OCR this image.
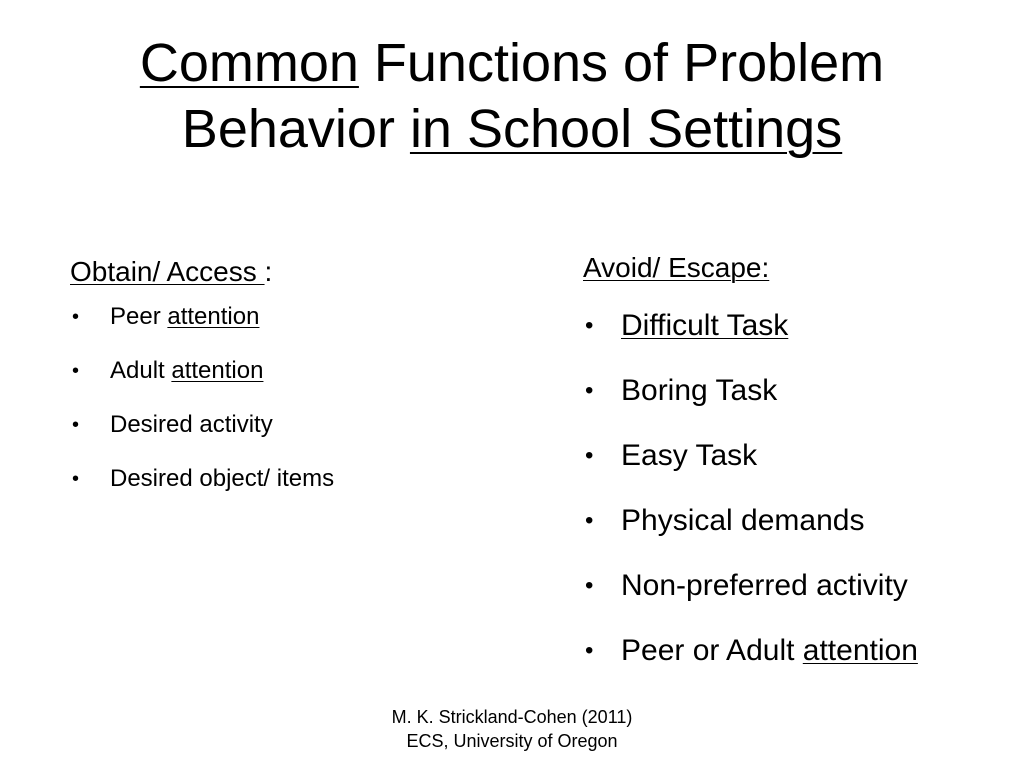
Common Functions of Problem
Behavior in School Settings
Obtain/ Access :
• Peer attention
• Adult attention
• Desired activity
• Desired object/ items
Avoid/ Escape:
• Difficult Task
• Boring Task
• Easy Task
• Physical demands
• Non-preferred activity
• Peer or Adult attention
M. K. Strickland-Cohen (2011)
ECS, University of Oregon
